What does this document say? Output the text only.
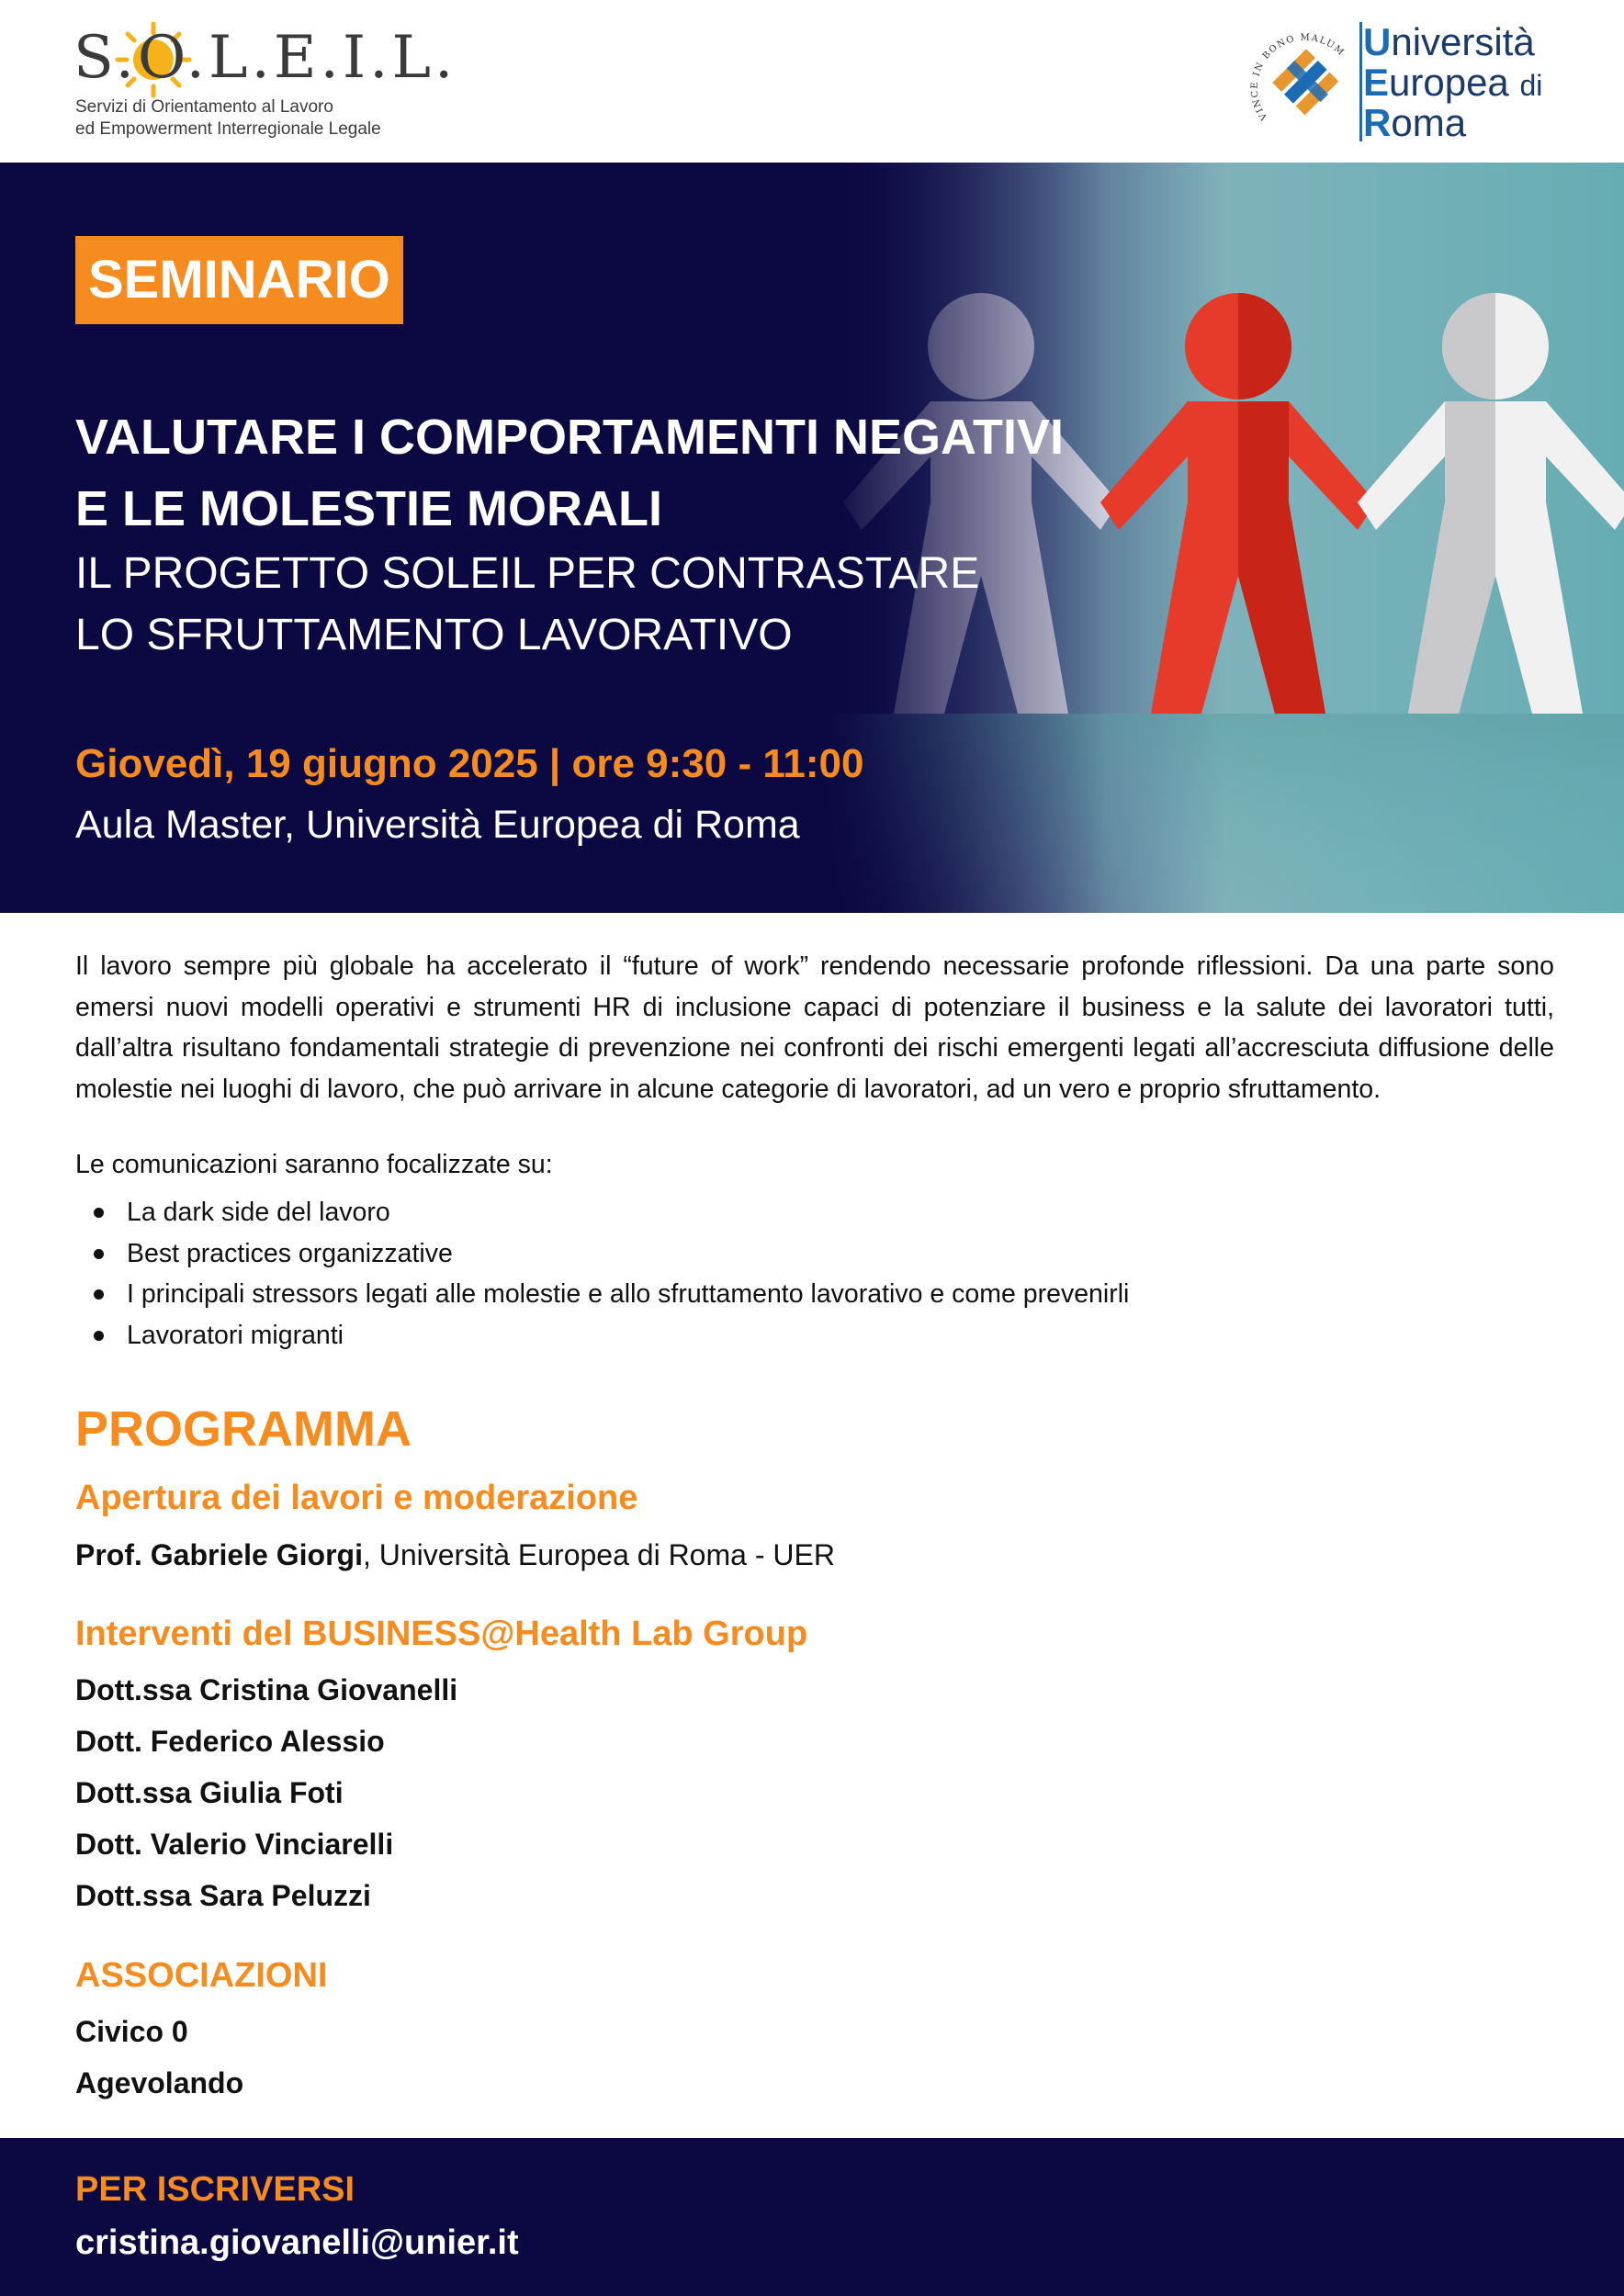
S.O.L.E.I.L.
Servizi di Orientamento al Lavoro
ed Empowerment Interregionale Legale
VINCE IN BONO MALUM Università
Europea di
Roma
SEMINARIO
VALUTARE I COMPORTAMENTI NEGATIVI
E LE MOLESTIE MORALI
IL PROGETTO SOLEIL PER CONTRASTARE
LO SFRUTTAMENTO LAVORATIVO
Giovedì, 19 giugno 2025 | ore 9:30 - 11:00
Aula Master, Università Europea di Roma
Il lavoro sempre più globale ha accelerato il “future of work” rendendo necessarie profonde riflessioni. Da una parte sono emersi nuovi modelli operativi e strumenti HR di inclusione capaci di potenziare il business e la salute dei lavoratori tutti, dall’altra risultano fondamentali strategie di prevenzione nei confronti dei rischi emergenti legati all’accresciuta diffusione delle molestie nei luoghi di lavoro, che può arrivare in alcune categorie di lavoratori, ad un vero e proprio sfruttamento.
Le comunicazioni saranno focalizzate su:
La dark side del lavoro
Best practices organizzative
I principali stressors legati alle molestie e allo sfruttamento lavorativo e come prevenirli
Lavoratori migranti
PROGRAMMA
Apertura dei lavori e moderazione
Prof. Gabriele Giorgi, Università Europea di Roma - UER
Interventi del BUSINESS@Health Lab Group
Dott.ssa Cristina Giovanelli
Dott. Federico Alessio
Dott.ssa Giulia Foti
Dott. Valerio Vinciarelli
Dott.ssa Sara Peluzzi
ASSOCIAZIONI
Civico 0
Agevolando
PER ISCRIVERSI
cristina.giovanelli@unier.it
